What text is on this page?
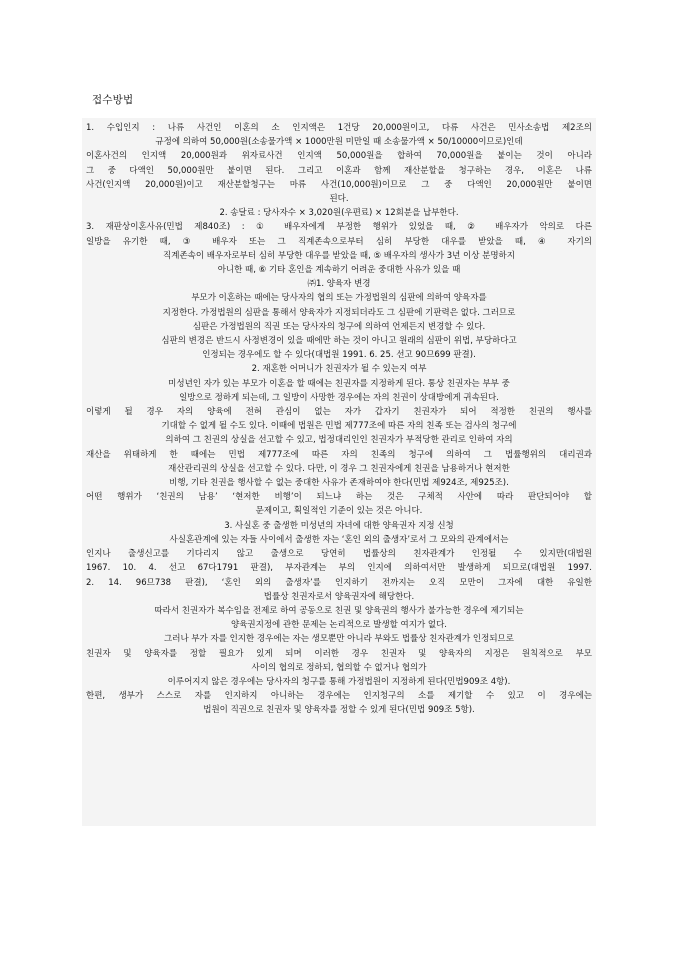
접수방법
1. 수입인지 : 나류 사건인 이혼의 소 인지액은 1건당 20,000원이고, 다류 사건은 민사소송법 제2조의
규정에 의하여 50,000원(소송물가액 × 1000만원 미만일 때 소송물가액 × 50/10000이므로)인데
이혼사건의 인지액 20,000원과 위자료사건 인지액 50,000원을 합하여 70,000원을 붙이는 것이 아니라
그 중 다액인 50,000원만 붙이면 된다. 그리고 이혼과 함께 재산분할을 청구하는 경우, 이혼은 나류
사건(인지액 20,000원)이고 재산분할청구는 마류 사건(10,000원)이므로 그 중 다액인 20,000원만 붙이면
된다.
2. 송달료 : 당사자수 × 3,020원(우편료) × 12회분을 납부한다.
3. 재판상이혼사유(민법 제840조) : ① 배우자에게 부정한 행위가 있었을 때, ② 배우자가 악의로 다른
일방을 유기한 때, ③ 배우자 또는 그 직계존속으로부터 심히 부당한 대우를 받았을 때, ④ 자기의
직계존속이 배우자로부터 심히 부당한 대우를 받았을 때, ⑤ 배우자의 생사가 3년 이상 분명하지
아니한 때, ⑥ 기타 혼인을 계속하기 어려운 중대한 사유가 있을 때
㈜1. 양육자 변경
부모가 이혼하는 때에는 당사자의 협의 또는 가정법원의 심판에 의하여 양육자를
지정한다. 가정법원의 심판을 통해서 양육자가 지정되더라도 그 심판에 기판력은 없다. 그러므로
심판은 가정법원의 직권 또는 당사자의 청구에 의하여 언제든지 변경할 수 있다.
심판의 변경은 반드시 사정변경이 있을 때에만 하는 것이 아니고 원래의 심판이 위법, 부당하다고
인정되는 경우에도 할 수 있다(대법원 1991. 6. 25. 선고 90므699 판결).
2. 재혼한 어머니가 친권자가 될 수 있는지 여부
미성년인 자가 있는 부모가 이혼을 할 때에는 친권자를 지정하게 된다. 통상 친권자는 부부 중
일방으로 정하게 되는데, 그 일방이 사망한 경우에는 자의 친권이 상대방에게 귀속된다.
이렇게 될 경우 자의 양육에 전혀 관심이 없는 자가 갑자기 친권자가 되어 적정한 친권의 행사를
기대할 수 없게 될 수도 있다. 이때에 법원은 민법 제777조에 따른 자의 친족 또는 검사의 청구에
의하여 그 친권의 상실을 선고할 수 있고, 법정대리인인 친권자가 부적당한 관리로 인하여 자의
재산을 위태하게 한 때에는 민법 제777조에 따른 자의 친족의 청구에 의하여 그 법률행위의 대리권과
재산관리권의 상실을 선고할 수 있다. 다만, 이 경우 그 친권자에게 친권을 남용하거나 현저한
비행, 기타 친권을 행사할 수 없는 중대한 사유가 존재하여야 한다(민법 제924조, 제925조).
어떤 행위가 ‘친권의 남용’ ‘현저한 비행’이 되느냐 하는 것은 구체적 사안에 따라 판단되어야 할
문제이고, 획일적인 기준이 있는 것은 아니다.
3. 사실혼 중 출생한 미성년의 자녀에 대한 양육권자 지정 신청
사실혼관계에 있는 자들 사이에서 출생한 자는 ‘혼인 외의 출생자’로서 그 모와의 관계에서는
인지나 출생신고를 기다리지 않고 출생으로 당연히 법률상의 친자관계가 인정될 수 있지만(대법원
1967. 10. 4. 선고 67다1791 판결), 부자관계는 부의 인지에 의하여서만 발생하게 되므로(대법원 1997.
2. 14. 96므738 판결), ‘혼인 외의 출생자’를 인지하기 전까지는 오직 모만이 그자에 대한 유일한
법률상 친권자로서 양육권자에 해당한다.
따라서 친권자가 복수임을 전제로 하여 공동으로 친권 및 양육권의 행사가 불가능한 경우에 제기되는
양육권지정에 관한 문제는 논리적으로 발생할 여지가 없다.
그러나 부가 자를 인지한 경우에는 자는 생모뿐만 아니라 부와도 법률상 친자관계가 인정되므로
친권자 및 양육자를 정할 필요가 있게 되며 이러한 경우 친권자 및 양육자의 지정은 원칙적으로 부모
사이의 협의로 정하되, 협의할 수 없거나 협의가
이루어지지 않은 경우에는 당사자의 청구를 통해 가정법원이 지정하게 된다(민법909조 4항).
한편, 생부가 스스로 자를 인지하지 아니하는 경우에는 인지청구의 소를 제기할 수 있고 이 경우에는
법원이 직권으로 친권자 및 양육자를 정할 수 있게 된다(민법 909조 5항).
